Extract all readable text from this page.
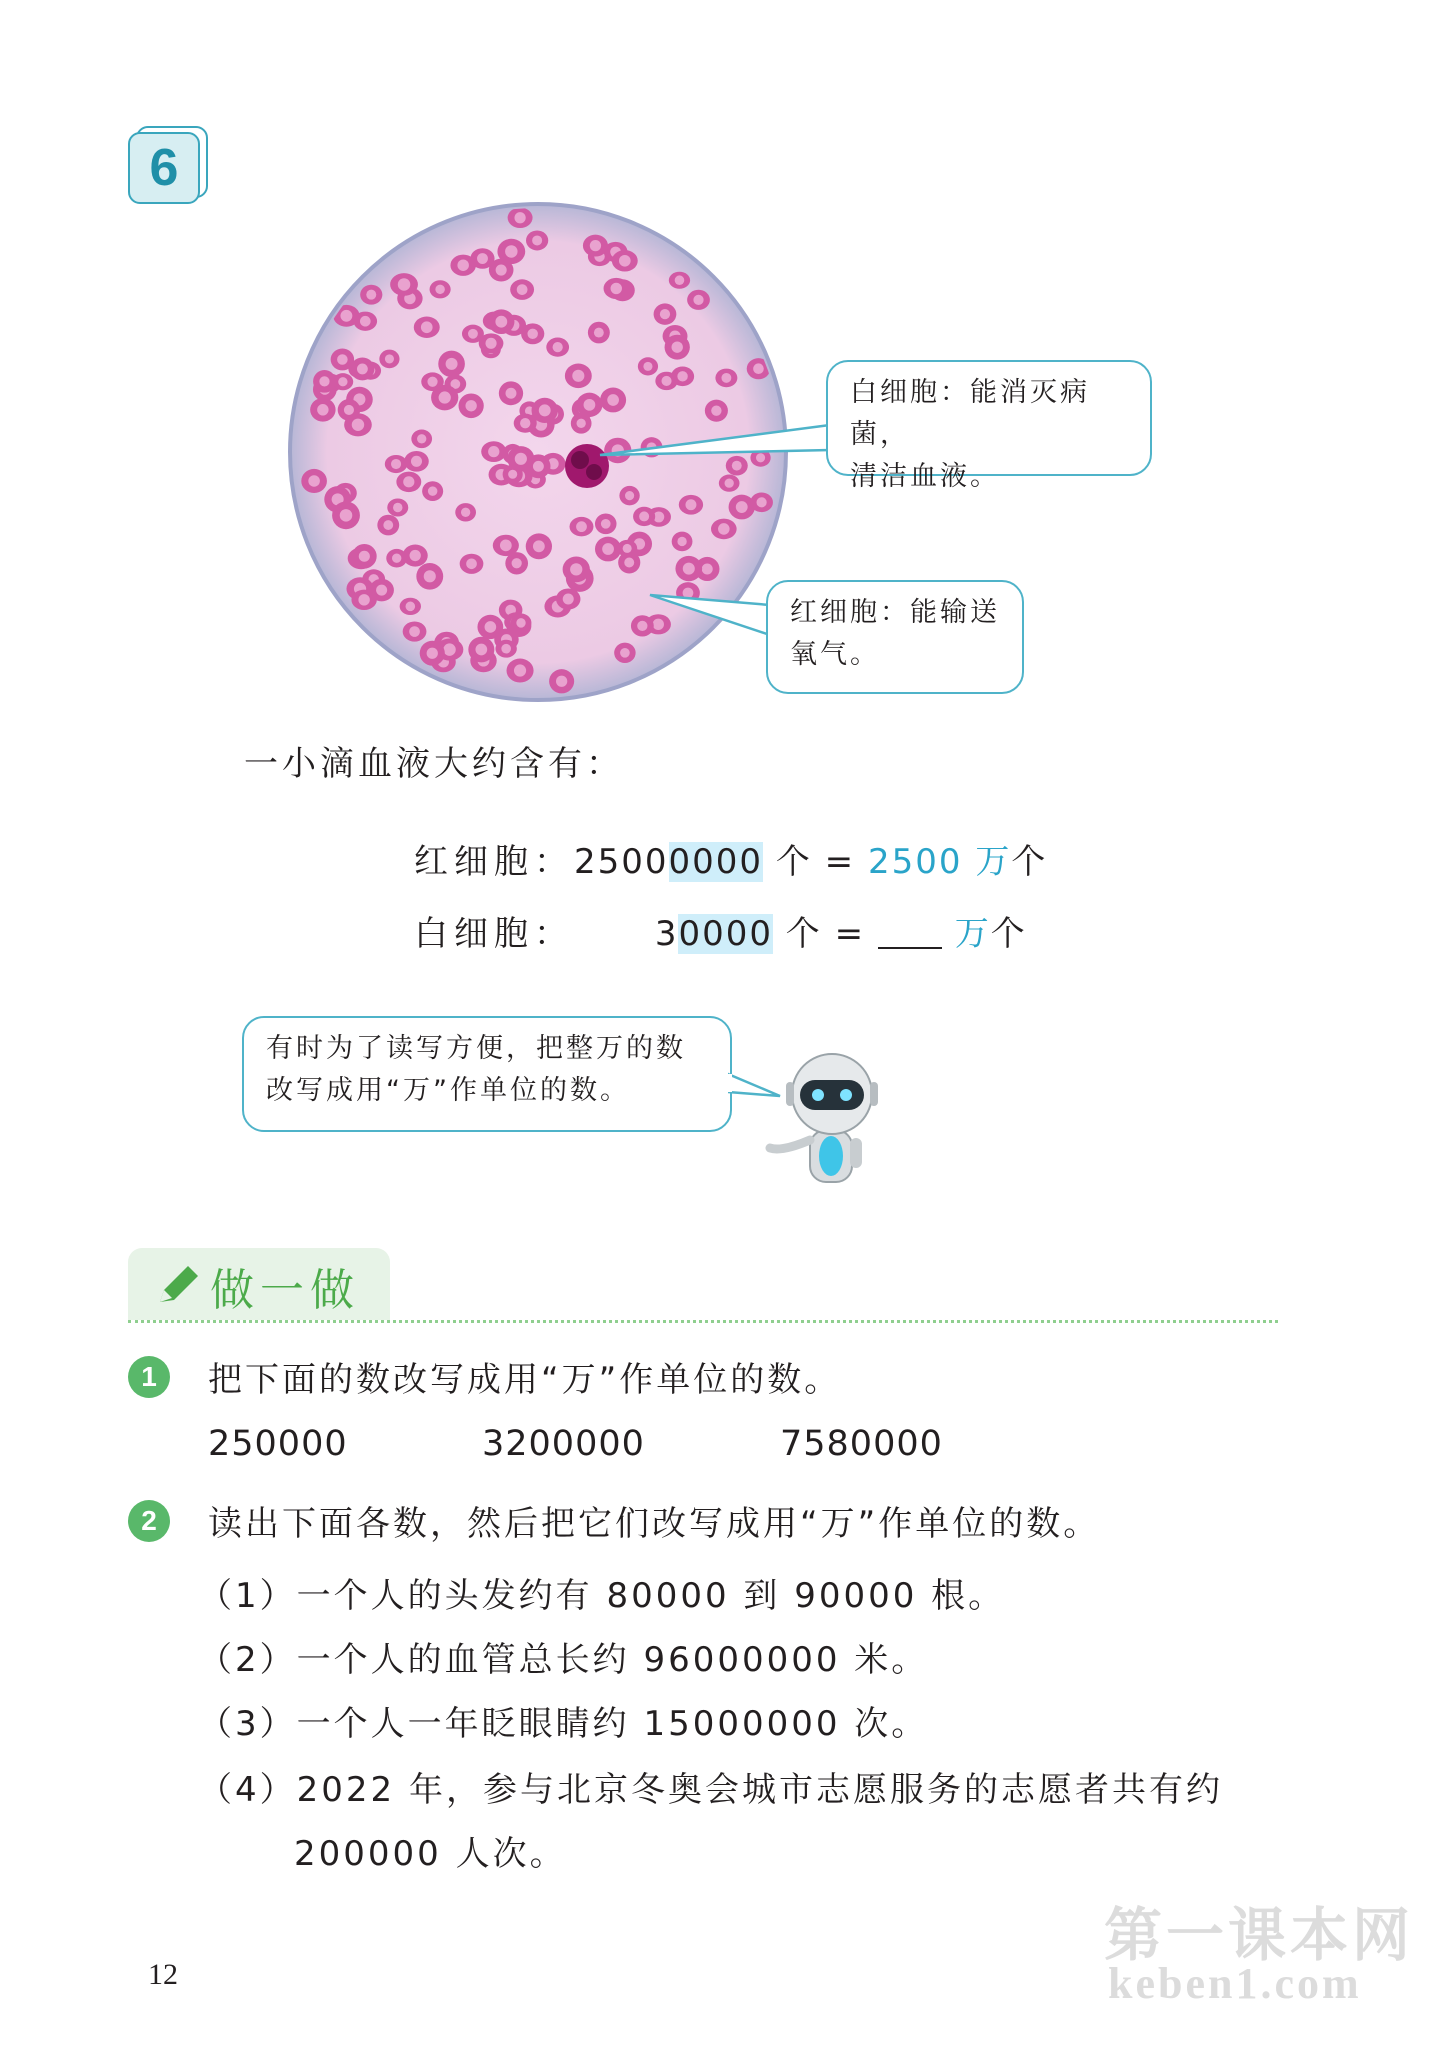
6
白细胞：能消灭病菌，
清洁血液。
红细胞：能输送
氧气。
一小滴血液大约含有：
红细胞：25000000 个 = 2500 万个
白细胞： 30000 个 =	万个
有时为了读写方便，把整万的数
改写成用“万”作单位的数。
做一做
1	把下面的数改写成用“万”作单位的数。
250000	3200000	7580000
2	读出下面各数，然后把它们改写成用“万”作单位的数。
（1）一个人的头发约有 80000 到 90000 根。
（2）一个人的血管总长约 96000000 米。
（3）一个人一年眨眼睛约 15000000 次。
（4）2022 年，参与北京冬奥会城市志愿服务的志愿者共有约
200000 人次。
12
第一课本网
keben1.com
